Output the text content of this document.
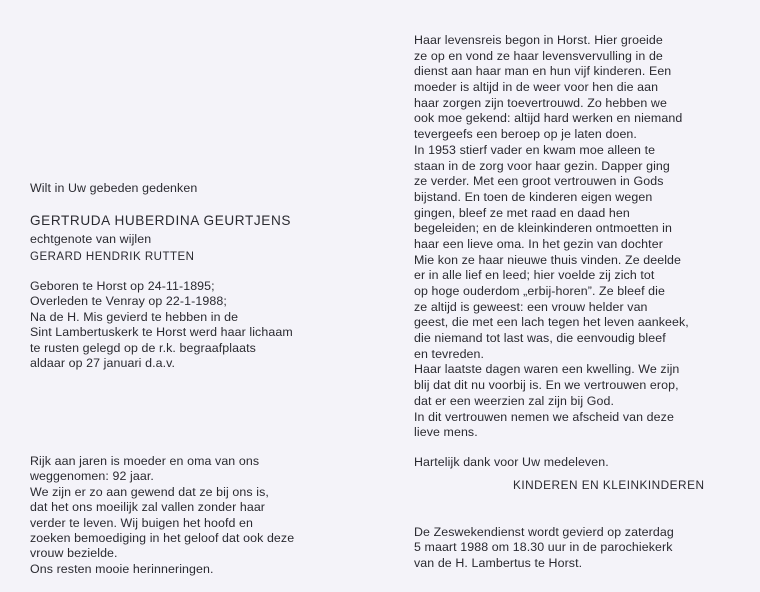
Wilt in Uw gebeden gedenken
GERTRUDA HUBERDINA GEURTJENS
echtgenote van wijlen
GERARD HENDRIK RUTTEN
Geboren te Horst op 24-11-1895;
Overleden te Venray op 22-1-1988;
Na de H. Mis gevierd te hebben in de
Sint Lambertuskerk te Horst werd haar lichaam
te rusten gelegd op de r.k. begraafplaats
aldaar op 27 januari d.a.v.
Rijk aan jaren is moeder en oma van ons
weggenomen: 92 jaar.
We zijn er zo aan gewend dat ze bij ons is,
dat het ons moeilijk zal vallen zonder haar
verder te leven. Wij buigen het hoofd en
zoeken bemoediging in het geloof dat ook deze
vrouw bezielde.
Ons resten mooie herinneringen.
Haar levensreis begon in Horst. Hier groeide
ze op en vond ze haar levensvervulling in de
dienst aan haar man en hun vijf kinderen. Een
moeder is altijd in de weer voor hen die aan
haar zorgen zijn toevertrouwd. Zo hebben we
ook moe gekend: altijd hard werken en niemand
tevergeefs een beroep op je laten doen.
In 1953 stierf vader en kwam moe alleen te
staan in de zorg voor haar gezin. Dapper ging
ze verder. Met een groot vertrouwen in Gods
bijstand. En toen de kinderen eigen wegen
gingen, bleef ze met raad en daad hen
begeleiden; en de kleinkinderen ontmoetten in
haar een lieve oma. In het gezin van dochter
Mie kon ze haar nieuwe thuis vinden. Ze deelde
er in alle lief en leed; hier voelde zij zich tot
op hoge ouderdom „erbij-horen”. Ze bleef die
ze altijd is geweest: een vrouw helder van
geest, die met een lach tegen het leven aankeek,
die niemand tot last was, die eenvoudig bleef
en tevreden.
Haar laatste dagen waren een kwelling. We zijn
blij dat dit nu voorbij is. En we vertrouwen erop,
dat er een weerzien zal zijn bij God.
In dit vertrouwen nemen we afscheid van deze
lieve mens.
Hartelijk dank voor Uw medeleven.
KINDEREN EN KLEINKINDEREN
De Zeswekendienst wordt gevierd op zaterdag
5 maart 1988 om 18.30 uur in de parochiekerk
van de H. Lambertus te Horst.
